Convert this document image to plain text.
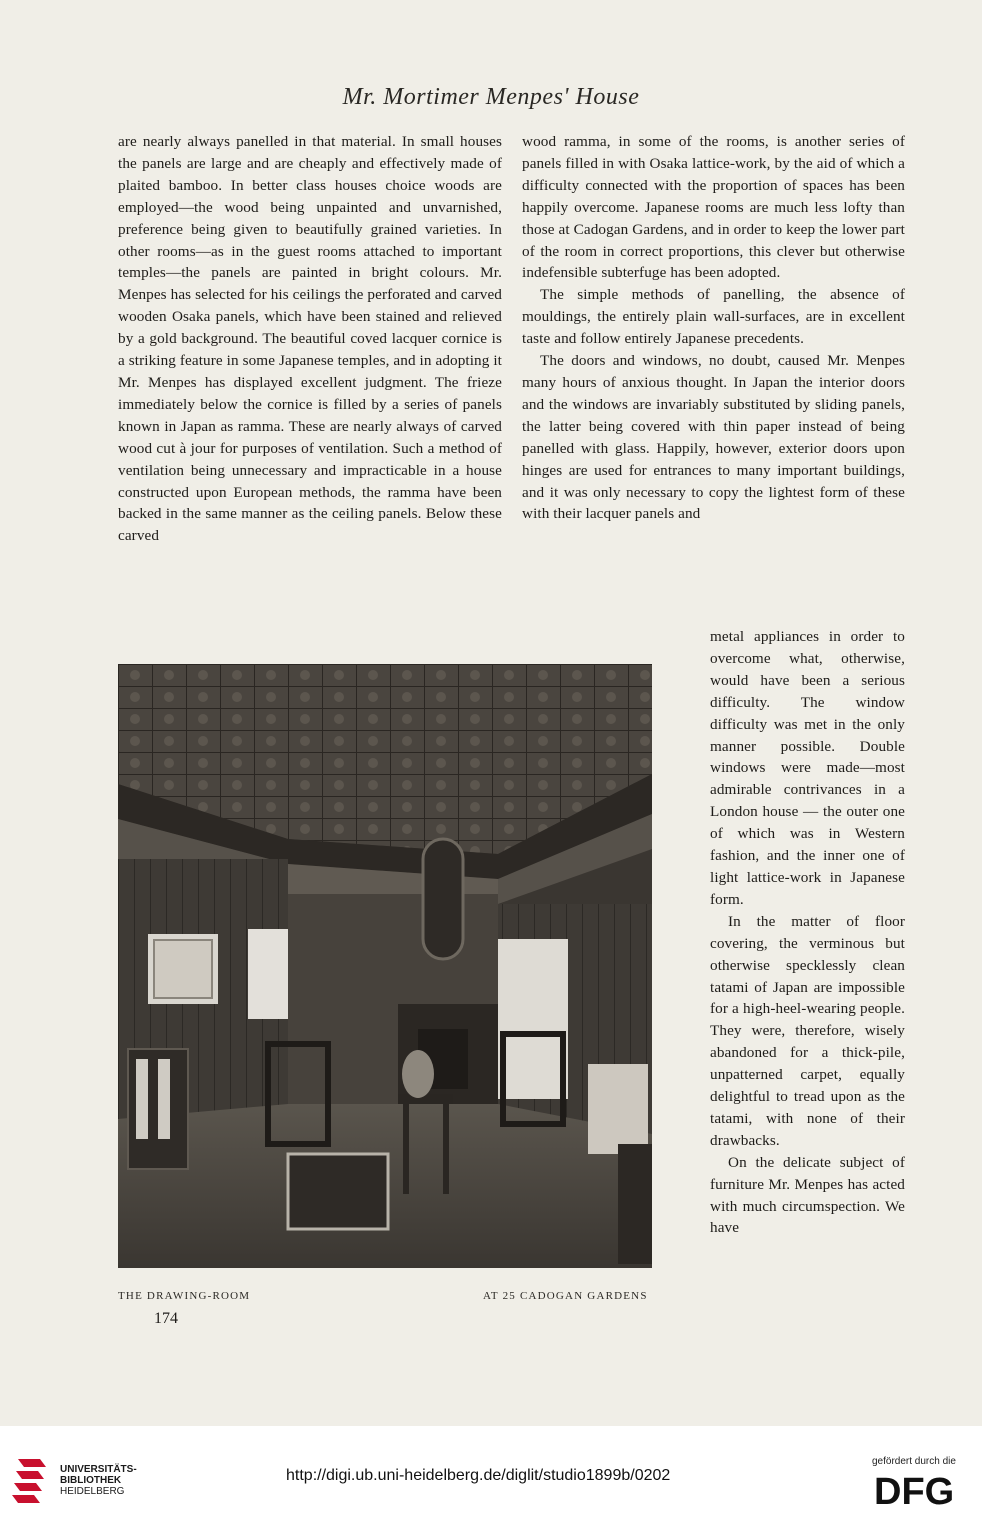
Mr. Mortimer Menpes' House

are nearly always panelled in that material. In small houses the panels are large and are cheaply and effectively made of plaited bamboo. In better class houses choice woods are employed—the wood being unpainted and unvarnished, preference being given to beautifully grained varieties. In other rooms—as in the guest rooms attached to important temples—the panels are painted in bright colours. Mr. Menpes has selected for his ceilings the perforated and carved wooden Osaka panels, which have been stained and relieved by a gold background. The beautiful coved lacquer cornice is a striking feature in some Japanese temples, and in adopting it Mr. Menpes has displayed excellent judgment. The frieze immediately below the cornice is filled by a series of panels known in Japan as ramma. These are nearly always of carved wood cut à jour for purposes of ventilation. Such a method of ventilation being unnecessary and impracticable in a house constructed upon European methods, the ramma have been backed in the same manner as the ceiling panels. Below these carved

wood ramma, in some of the rooms, is another series of panels filled in with Osaka lattice-work, by the aid of which a difficulty connected with the proportion of spaces has been happily overcome. Japanese rooms are much less lofty than those at Cadogan Gardens, and in order to keep the lower part of the room in correct proportions, this clever but otherwise indefensible subterfuge has been adopted.

The simple methods of panelling, the absence of mouldings, the entirely plain wall-surfaces, are in excellent taste and follow entirely Japanese precedents.

The doors and windows, no doubt, caused Mr. Menpes many hours of anxious thought. In Japan the interior doors and the windows are invariably substituted by sliding panels, the latter being covered with thin paper instead of being panelled with glass. Happily, however, exterior doors upon hinges are used for entrances to many important buildings, and it was only necessary to copy the lightest form of these with their lacquer panels and

metal appliances in order to overcome what, otherwise, would have been a serious difficulty. The window difficulty was met in the only manner possible. Double windows were made—most admirable contrivances in a London house — the outer one of which was in Western fashion, and the inner one of light lattice-work in Japanese form.

In the matter of floor covering, the verminous but otherwise specklessly clean tatami of Japan are impossible for a high-heel-wearing people. They were, therefore, wisely abandoned for a thick-pile, unpatterned carpet, equally delightful to tread upon as the tatami, with none of their drawbacks.

On the delicate subject of furniture Mr. Menpes has acted with much circumspection. We have

THE DRAWING-ROOM	AT 25 CADOGAN GARDENS
174
UNIVERSITÄTS-
BIBLIOTHEK
HEIDELBERG
http://digi.ub.uni-heidelberg.de/diglit/studio1899b/0202
gefördert durch die
DFG
